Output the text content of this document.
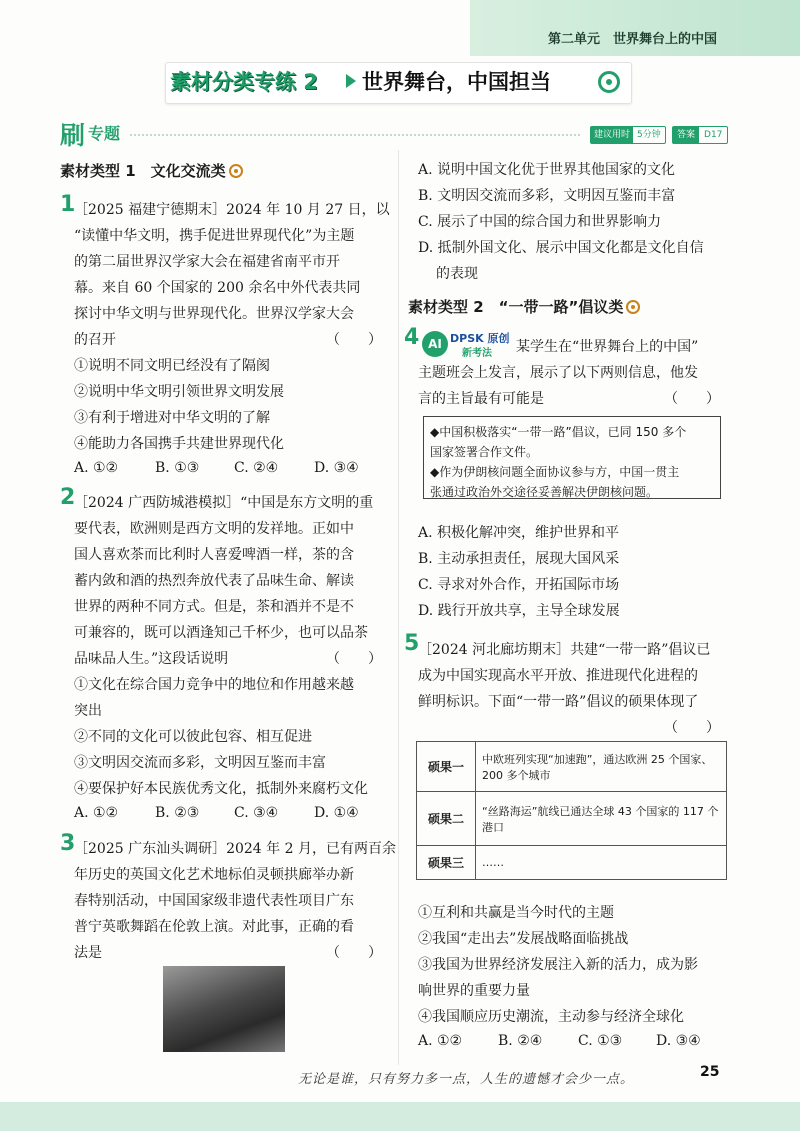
第二单元　世界舞台上的中国
素材分类专练 2 世界舞台，中国担当
刷 专题	建议用时 5分钟	答案	D17
素材类型 1　文化交流类
1
［2025 福建宁德期末］2024 年 10 月 27 日，以
“读懂中华文明，携手促进世界现代化”为主题
的第二届世界汉学家大会在福建省南平市开
幕。来自 60 个国家的 200 余名中外代表共同
探讨中华文明与世界现代化。世界汉学家大会
的召开	（　　）
①说明不同文明已经没有了隔阂
②说明中华文明引领世界文明发展
③有利于增进对中华文明的了解
④能助力各国携手共建世界现代化
A. ①②	B. ①③ C. ②④	D. ③④
2
［2024 广西防城港模拟］“中国是东方文明的重
要代表，欧洲则是西方文明的发祥地。正如中
国人喜欢茶而比利时人喜爱啤酒一样，茶的含
蓄内敛和酒的热烈奔放代表了品味生命、解读
世界的两种不同方式。但是，茶和酒并不是不
可兼容的，既可以酒逢知己千杯少，也可以品茶
品味品人生。”这段话说明	（　　）
①文化在综合国力竞争中的地位和作用越来越
突出
②不同的文化可以彼此包容、相互促进
③文明因交流而多彩，文明因互鉴而丰富
④要保护好本民族优秀文化，抵制外来腐朽文化
A. ①②	B. ②③ C. ③④	D. ①④
3
［2025 广东汕头调研］2024 年 2 月，已有两百余
年历史的英国文化艺术地标伯灵顿拱廊举办新
春特别活动，中国国家级非遗代表性项目广东
普宁英歌舞蹈在伦敦上演。对此事，正确的看
法是	（　　）
A. 说明中国文化优于世界其他国家的文化
B. 文明因交流而多彩，文明因互鉴而丰富
C. 展示了中国的综合国力和世界影响力
D. 抵制外国文化、展示中国文化都是文化自信
的表现
素材类型 2　“一带一路”倡议类
4 AI DPSK 原创
新考法 某学生在“世界舞台上的中国”
主题班会上发言，展示了以下两则信息，他发
言的主旨最有可能是	（　　）
◆中国积极落实“一带一路”倡议，已同 150 多个
国家签署合作文件。
◆作为伊朗核问题全面协议参与方，中国一贯主
张通过政治外交途径妥善解决伊朗核问题。
A. 积极化解冲突，维护世界和平
B. 主动承担责任，展现大国风采
C. 寻求对外合作，开拓国际市场
D. 践行开放共享，主导全球发展
5
［2024 河北廊坊期末］共建“一带一路”倡议已
成为中国实现高水平开放、推进现代化进程的
鲜明标识。下面“一带一路”倡议的硕果体现了
（　　）
硕果一	中欧班列实现“加速跑”，通达欧洲 25 个国家、200 多个城市
硕果二	“丝路海运”航线已通达全球 43 个国家的 117 个港口
硕果三	……
①互利和共赢是当今时代的主题
②我国“走出去”发展战略面临挑战
③我国为世界经济发展注入新的活力，成为影
响世界的重要力量
④我国顺应历史潮流，主动参与经济全球化
A. ①②	B. ②④	C. ①③ D. ③④
无论是谁，只有努力多一点，人生的遗憾才会少一点。	25
